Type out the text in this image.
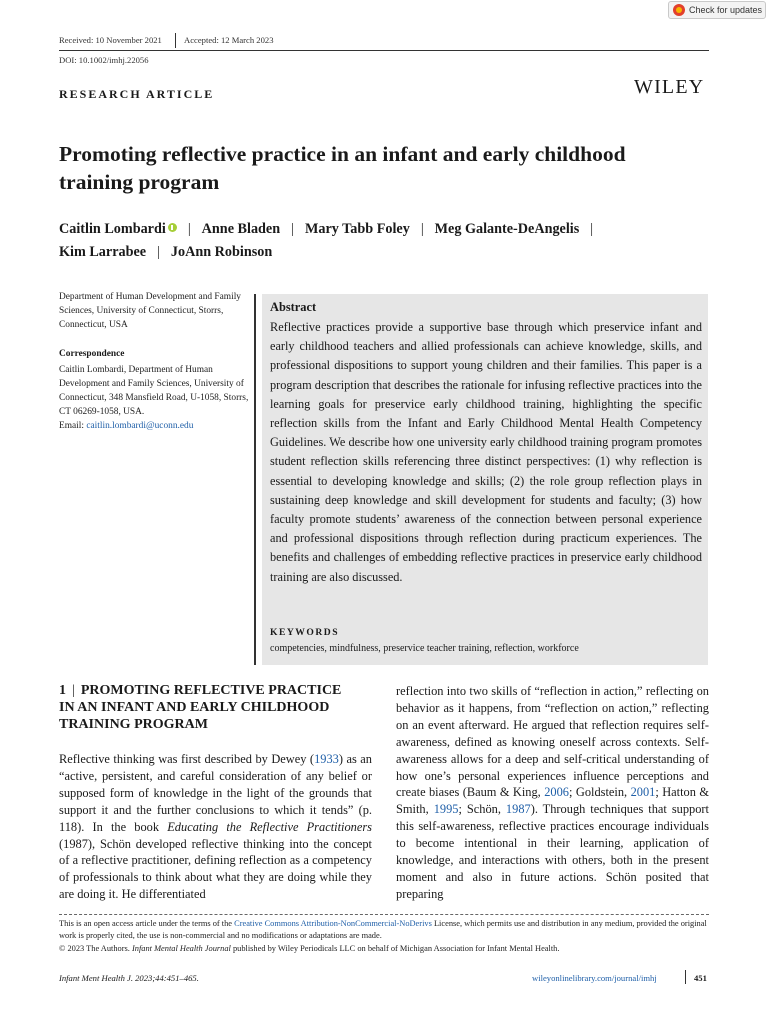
Check for updates
Received: 10 November 2021	Accepted: 12 March 2023
DOI: 10.1002/imhj.22056
RESEARCH ARTICLE	WILEY
Promoting reflective practice in an infant and early childhood training program
Caitlin Lombardi | Anne Bladen | Mary Tabb Foley | Meg Galante-DeAngelis |
Kim Larrabee | JoAnn Robinson
Department of Human Development and Family Sciences, University of Connecticut, Storrs, Connecticut, USA
Correspondence
Caitlin Lombardi, Department of Human Development and Family Sciences, University of Connecticut, 348 Mansfield Road, U-1058, Storrs, CT 06269-1058, USA.
Email: caitlin.lombardi@uconn.edu
Abstract
Reflective practices provide a supportive base through which preservice infant and early childhood teachers and allied professionals can achieve knowledge, skills, and professional dispositions to support young children and their families. This paper is a program description that describes the rationale for infusing reflective practices into the learning goals for preservice early childhood training, highlighting the specific reflection skills from the Infant and Early Childhood Mental Health Competency Guidelines. We describe how one university early childhood training program promotes student reflection skills referencing three distinct perspectives: (1) why reflection is essential to developing knowledge and skills; (2) the role group reflection plays in sustaining deep knowledge and skill development for students and faculty; (3) how faculty promote students’ awareness of the connection between personal experience and professional dispositions through reflection during practicum experiences. The benefits and challenges of embedding reflective practices in preservice early childhood training are also discussed.
KEYWORDS
competencies, mindfulness, preservice teacher training, reflection, workforce
1 | PROMOTING REFLECTIVE PRACTICE IN AN INFANT AND EARLY CHILDHOOD TRAINING PROGRAM
Reflective thinking was first described by Dewey (1933) as an “active, persistent, and careful consideration of any belief or supposed form of knowledge in the light of the grounds that support it and the further conclusions to which it tends” (p. 118). In the book Educating the Reflective Practitioners (1987), Schön developed reflective thinking into the concept of a reflective practitioner, defining reflection as a competency of professionals to think about what they are doing while they are doing it. He differentiated
reflection into two skills of “reflection in action,” reflecting on behavior as it happens, from “reflection on action,” reflecting on an event afterward. He argued that reflection requires self-awareness, defined as knowing oneself across contexts. Self-awareness allows for a deep and self-critical understanding of how one’s personal experiences influence perceptions and create biases (Baum & King, 2006; Goldstein, 2001; Hatton & Smith, 1995; Schön, 1987). Through techniques that support this self-awareness, reflective practices encourage individuals to become intentional in their learning, application of knowledge, and interactions with others, both in the present moment and also in future actions. Schön posited that preparing
This is an open access article under the terms of the Creative Commons Attribution-NonCommercial-NoDerivs License, which permits use and distribution in any medium, provided the original work is properly cited, the use is non-commercial and no modifications or adaptations are made.
© 2023 The Authors. Infant Mental Health Journal published by Wiley Periodicals LLC on behalf of Michigan Association for Infant Mental Health.
Infant Ment Health J. 2023;44:451–465.	wileyonlinelibrary.com/journal/imhj	451
